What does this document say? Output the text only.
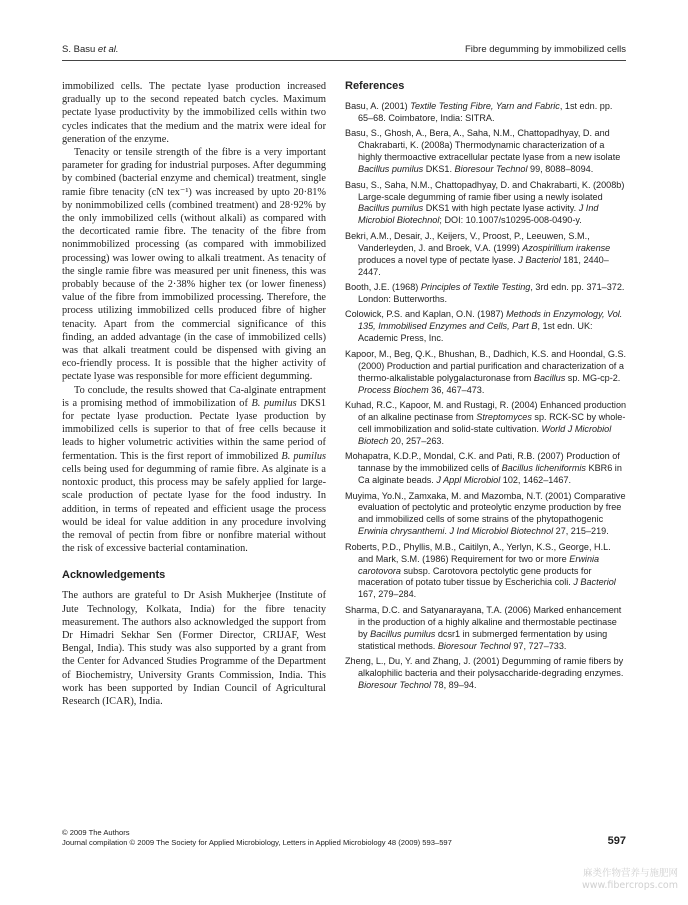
S. Basu et al.	Fibre degumming by immobilized cells

immobilized cells. The pectate lyase production increased gradually up to the second repeated batch cycles. Maximum pectate lyase productivity by the immobilized cells within two cycles indicates that the medium and the matrix were ideal for generation of the enzyme.

Tenacity or tensile strength of the fibre is a very important parameter for grading for industrial purposes. After degumming by combined (bacterial enzyme and chemical) treatment, single ramie fibre tenacity (cN tex⁻¹) was increased by upto 20·81% by nonimmobilized cells (combined treatment) and 28·92% by the only immobilized cells (without alkali) as compared with the decorticated ramie fibre. The tenacity of the fibre from nonimmobilized processing (as compared with immobilized processing) was lower owing to alkali treatment. As tenacity of the single ramie fibre was measured per unit fineness, this was probably because of the 2·38% higher tex (or lower fineness) value of the fibre from immobilized processing. Therefore, the process utilizing immobilized cells produced fibre of higher tenacity. Apart from the commercial significance of this finding, an added advantage (in the case of immobilized cells) was that alkali treatment could be dispensed with giving an eco-friendly process. It is possible that the higher activity of pectate lyase was responsible for more efficient degumming.

To conclude, the results showed that Ca-alginate entrapment is a promising method of immobilization of B. pumilus DKS1 for pectate lyase production. Pectate lyase production by immobilized cells is superior to that of free cells because it leads to higher volumetric activities within the same period of fermentation. This is the first report of immobilized B. pumilus cells being used for degumming of ramie fibre. As alginate is a nontoxic product, this process may be safely applied for large-scale production of pectate lyase for the food industry. In addition, in terms of repeated and efficient usage the process would be ideal for value addition in any procedure involving the removal of pectin from fibre or nonfibre material without the risk of excessive bacterial contamination.

Acknowledgements

The authors are grateful to Dr Asish Mukherjee (Institute of Jute Technology, Kolkata, India) for the fibre tenacity measurement. The authors also acknowledged the support from Dr Himadri Sekhar Sen (Former Director, CRIJAF, West Bengal, India). This study was also supported by a grant from the Center for Advanced Studies Programme of the Department of Biochemistry, University Grants Commission, India. This work has been supported by Indian Council of Agricultural Research (ICAR), India.

References

Basu, A. (2001) Textile Testing Fibre, Yarn and Fabric, 1st edn. pp. 65–68. Coimbatore, India: SITRA.

Basu, S., Ghosh, A., Bera, A., Saha, N.M., Chattopadhyay, D. and Chakrabarti, K. (2008a) Thermodynamic characterization of a highly thermoactive extracellular pectate lyase from a new isolate Bacillus pumilus DKS1. Bioresour Technol 99, 8088–8094.

Basu, S., Saha, N.M., Chattopadhyay, D. and Chakrabarti, K. (2008b) Large-scale degumming of ramie fiber using a newly isolated Bacillus pumilus DKS1 with high pectate lyase activity. J Ind Microbiol Biotechnol; DOI: 10.1007/s10295-008-0490-y.

Bekri, A.M., Desair, J., Keijers, V., Proost, P., Leeuwen, S.M., Vanderleyden, J. and Broek, V.A. (1999) Azospirillium irakense produces a novel type of pectate lyase. J Bacteriol 181, 2440–2447.

Booth, J.E. (1968) Principles of Textile Testing, 3rd edn. pp. 371–372. London: Butterworths.

Colowick, P.S. and Kaplan, O.N. (1987) Methods in Enzymology, Vol. 135, Immobilised Enzymes and Cells, Part B, 1st edn. UK: Academic Press, Inc.

Kapoor, M., Beg, Q.K., Bhushan, B., Dadhich, K.S. and Hoondal, G.S. (2000) Production and partial purification and characterization of a thermo-alkalistable polygalacturonase from Bacillus sp. MG-cp-2. Process Biochem 36, 467–473.

Kuhad, R.C., Kapoor, M. and Rustagi, R. (2004) Enhanced production of an alkaline pectinase from Streptomyces sp. RCK-SC by whole-cell immobilization and solid-state cultivation. World J Microbiol Biotech 20, 257–263.

Mohapatra, K.D.P., Mondal, C.K. and Pati, R.B. (2007) Production of tannase by the immobilized cells of Bacillus licheniformis KBR6 in Ca alginate beads. J Appl Microbiol 102, 1462–1467.

Muyima, Yo.N., Zamxaka, M. and Mazomba, N.T. (2001) Comparative evaluation of pectolytic and proteolytic enzyme production by free and immobilized cells of some strains of the phytopathogenic Erwinia chrysanthemi. J Ind Microbiol Biotechnol 27, 215–219.

Roberts, P.D., Phyllis, M.B., Caitilyn, A., Yerlyn, K.S., George, H.L. and Mark, S.M. (1986) Requirement for two or more Erwinia carotovora subsp. Carotovora pectolytic gene products for maceration of potato tuber tissue by Escherichia coli. J Bacteriol 167, 279–284.

Sharma, D.C. and Satyanarayana, T.A. (2006) Marked enhancement in the production of a highly alkaline and thermostable pectinase by Bacillus pumilus dcsr1 in submerged fermentation by using statistical methods. Bioresour Technol 97, 727–733.

Zheng, L., Du, Y. and Zhang, J. (2001) Degumming of ramie fibers by alkalophilic bacteria and their polysaccharide-degrading enzymes. Bioresour Technol 78, 89–94.

© 2009 The Authors
Journal compilation © 2009 The Society for Applied Microbiology, Letters in Applied Microbiology 48 (2009) 593–597	597
麻类作物营养与施肥网
www.fibercrops.com
